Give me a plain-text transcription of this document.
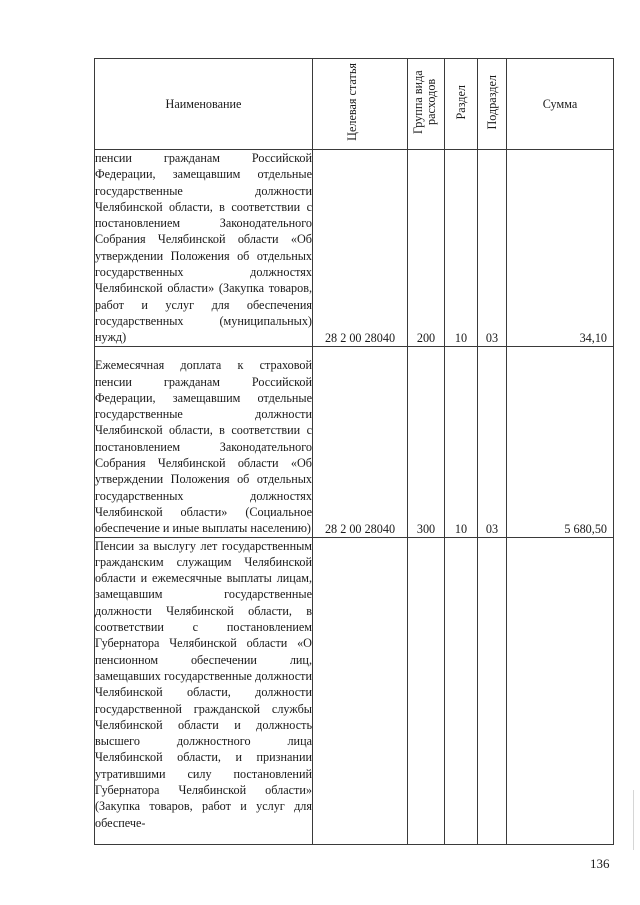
Наименование	Целевая статья	Группа вида расходов	Раздел	Подраздел	Сумма

пенсии гражданам Российской Федерации, замещавшим отдельные государственные должности Челябинской области, в соответствии с постановлением Законодательного Собрания Челябинской области «Об утверждении Положения об отдельных государственных должностях Челябинской области» (Закупка товаров, работ и услуг для обеспечения государственных (муниципальных) нужд)	28 2 00 28040	200	10	03	34,10

Ежемесячная доплата к страховой пенсии гражданам Российской Федерации, замещавшим отдельные государственные должности Челябинской области, в соответствии с постановлением Законодательного Собрания Челябинской области «Об утверждении Положения об отдельных государственных должностях Челябинской области» (Социальное обеспечение и иные выплаты населению)	28 2 00 28040	300	10	03	5 680,50

Пенсии за выслугу лет государственным гражданским служащим Челябинской области и ежемесячные выплаты лицам, замещавшим государственные должности Челябинской области, в соответствии с постановлением Губернатора Челябинской области «О пенсионном обеспечении лиц, замещавших государственные должности Челябинской области, должности государственной гражданской службы Челябинской области и должность высшего должностного лица Челябинской области, и признании утратившими силу постановлений Губернатора Челябинской области» (Закупка товаров, работ и услуг для обеспече-					

136
